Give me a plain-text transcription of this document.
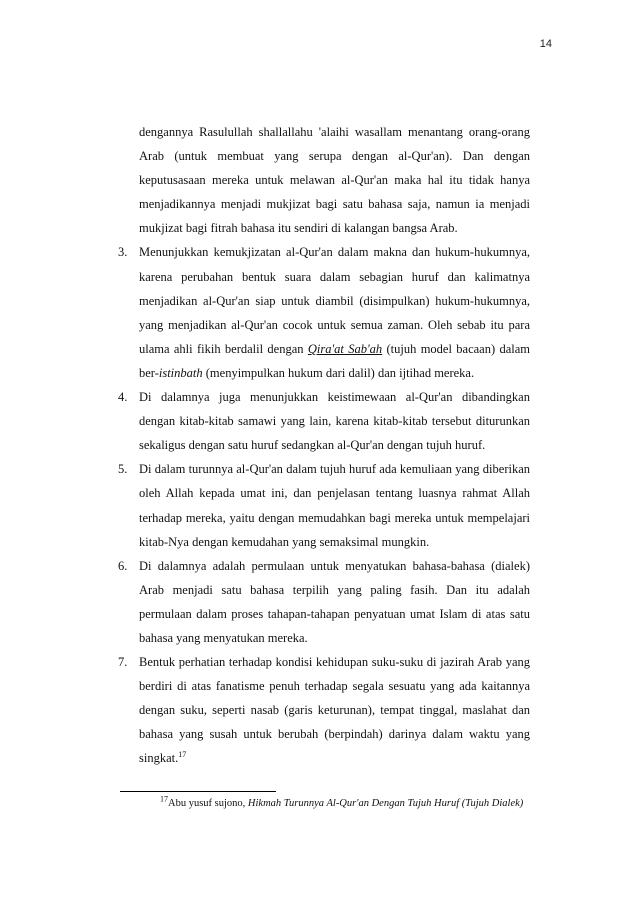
14
dengannya Rasulullah shallallahu 'alaihi wasallam menantang orang-orang Arab (untuk membuat yang serupa dengan al-Qur'an). Dan dengan keputusasaan mereka untuk melawan al-Qur'an maka hal itu tidak hanya menjadikannya menjadi mukjizat bagi satu bahasa saja, namun ia menjadi mukjizat bagi fitrah bahasa itu sendiri di kalangan bangsa Arab.
3. Menunjukkan kemukjizatan al-Qur'an dalam makna dan hukum-hukumnya, karena perubahan bentuk suara dalam sebagian huruf dan kalimatnya menjadikan al-Qur'an siap untuk diambil (disimpulkan) hukum-hukumnya, yang menjadikan al-Qur'an cocok untuk semua zaman. Oleh sebab itu para ulama ahli fikih berdalil dengan Qira'at Sab'ah (tujuh model bacaan) dalam ber-istinbath (menyimpulkan hukum dari dalil) dan ijtihad mereka.
4. Di dalamnya juga menunjukkan keistimewaan al-Qur'an dibandingkan dengan kitab-kitab samawi yang lain, karena kitab-kitab tersebut diturunkan sekaligus dengan satu huruf sedangkan al-Qur'an dengan tujuh huruf.
5. Di dalam turunnya al-Qur'an dalam tujuh huruf ada kemuliaan yang diberikan oleh Allah kepada umat ini, dan penjelasan tentang luasnya rahmat Allah terhadap mereka, yaitu dengan memudahkan bagi mereka untuk mempelajari kitab-Nya dengan kemudahan yang semaksimal mungkin.
6. Di dalamnya adalah permulaan untuk menyatukan bahasa-bahasa (dialek) Arab menjadi satu bahasa terpilih yang paling fasih. Dan itu adalah permulaan dalam proses tahapan-tahapan penyatuan umat Islam di atas satu bahasa yang menyatukan mereka.
7. Bentuk perhatian terhadap kondisi kehidupan suku-suku di jazirah Arab yang berdiri di atas fanatisme penuh terhadap segala sesuatu yang ada kaitannya dengan suku, seperti nasab (garis keturunan), tempat tinggal, maslahat dan bahasa yang susah untuk berubah (berpindah) darinya dalam waktu yang singkat.$^{17}$
$^{17}$Abu yusuf sujono, Hikmah Turunnya Al-Qur'an Dengan Tujuh Huruf (Tujuh Dialek)
